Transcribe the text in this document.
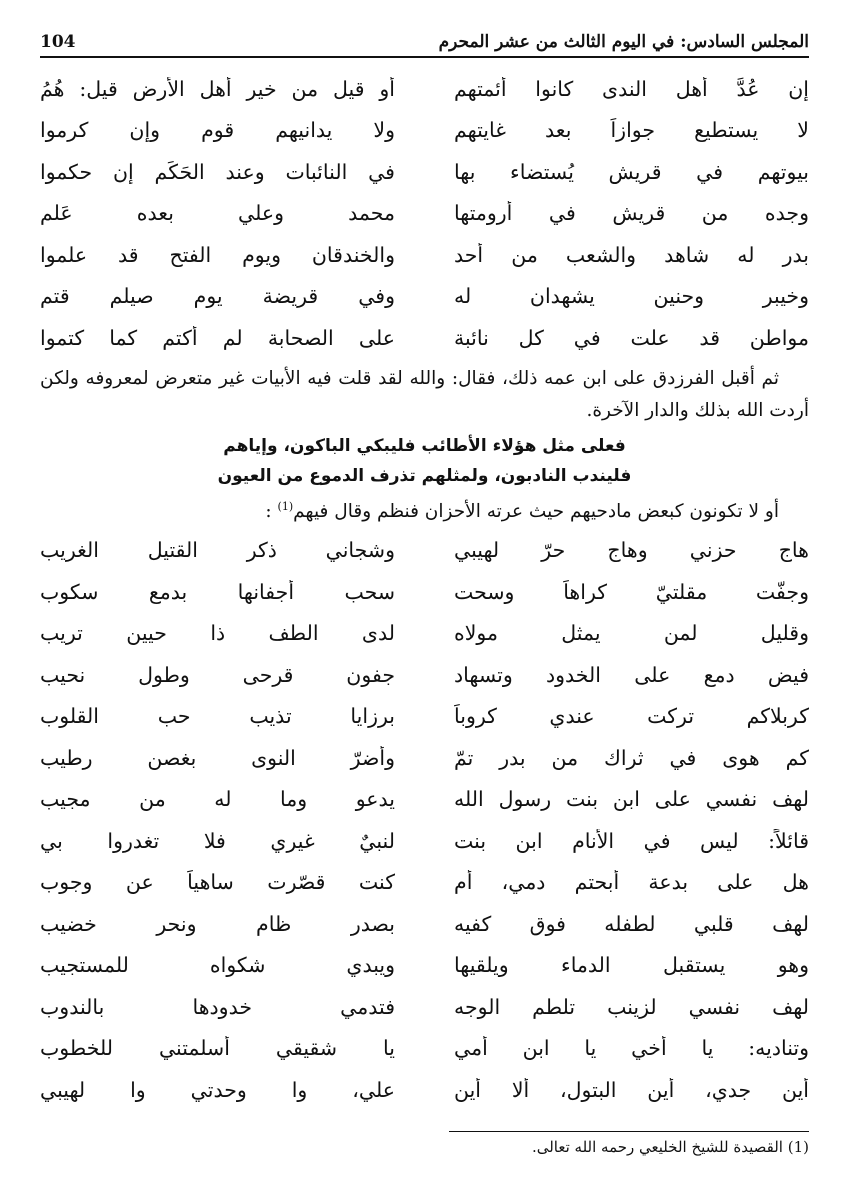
المجلس السادس: في اليوم الثالث من عشر المحرم
104
إن عُدَّ أهل الندى كانوا أئمتهم
أو قيل من خير أهل الأرض قيل: هُمُ
لا يستطيع جوازاً بعد غايتهم
ولا يدانيهم قوم وإن كرموا
بيوتهم في قريش يُستضاء بها
في النائبات وعند الحَكَم إن حكموا
وجده من قريش في أرومتها
محمد وعلي بعده عَلم
بدر له شاهد والشعب من أُحد
والخندقان ويوم الفتح قد علموا
وخيبر وحنين يشهدان له
وفي قريضة يوم صيلم قتم
مواطن قد علت في كل نائبة
على الصحابة لم أكتم كما كتموا

ثم أقبل الفرزدق على ابن عمه ذلك، فقال: والله لقد قلت فيه الأبيات غير متعرض لمعروفه ولكن أردت الله بذلك والدار الآخرة.

فعلى مثل هؤلاء الأطائب فليبكي الباكون، وإياهم
فليندب النادبون، ولمثلهم تذرف الدموع من العيون

أو لا تكونون كبعض مادحيهم حيث عرته الأحزان فنظم وقال فيهم$^{(1)}$ :

هاج حزني وهاج حرّ لهيبي
وشجاني ذكر القتيل الغريب
وجفّت مقلتيّ كراهاً وسحت
سحب أجفانها بدمع سكوب
وقليل لمن يمثل مولاه
لدى الطف ذا حيين تريب
فيض دمع على الخدود وتسهاد
جفون قرحى وطول نحيب
كربلاكم تركت عندي كروباً
برزايا تذيب حب القلوب
كم هوى في ثراك من بدر تمّ
وأضرّ النوى بغصن رطيب
لهف نفسي على ابن بنت رسول الله
يدعو وما له من مجيب
قائلاً: ليس في الأنام ابن بنت
لنبيٌ غيري فلا تغدروا بي
هل على بدعة أبحتم دمي، أم
كنت قصّرت ساهياً عن وجوب
لهف قلبي لطفله فوق كفيه
بصدر ظام ونحر خضيب
وهو يستقبل الدماء ويلقيها
ويبدي شكواه للمستجيب
لهف نفسي لزينب تلطم الوجه
فتدمي خدودها بالندوب
وتناديه: يا أخي يا ابن أمي
يا شقيقي أسلمتني للخطوب
أين جدي، أين البتول، ألا أين
علي، وا وحدتي وا لهيبي
(1) القصيدة للشيخ الخليعي رحمه الله تعالى.
